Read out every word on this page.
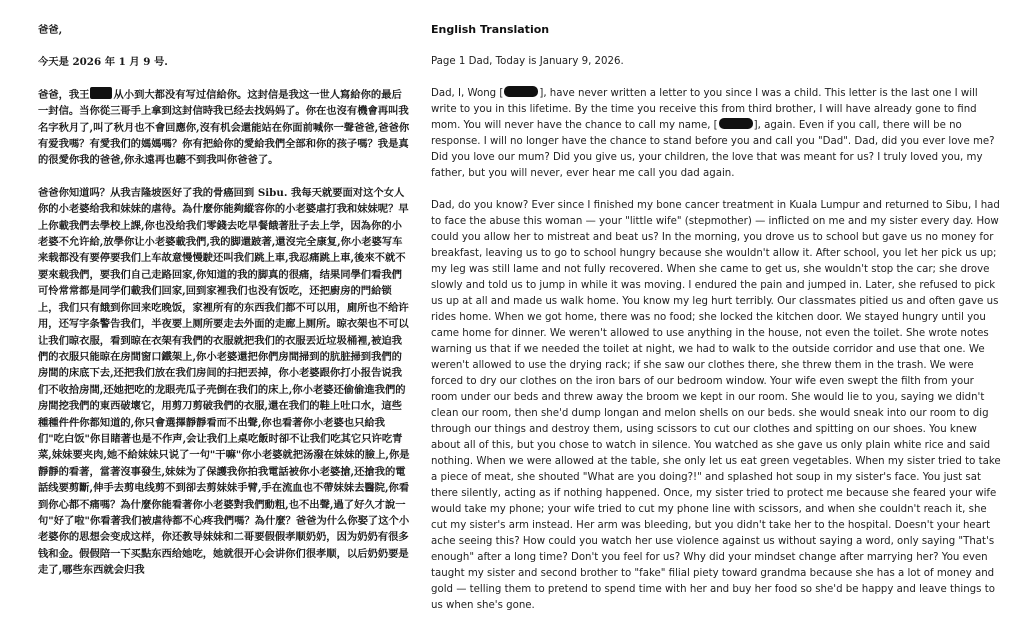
爸爸,

今天是 2026 年 1 月 9 号.

爸爸，我王 从小到大都没有写过信給你。这封信是我这一世人寫給你的最后一封信。当你從三哥手上拿到这封信時我已经去找妈妈了。你在也沒有機會再叫我名字秋月了,叫了秋月也不會回應你,沒有机会還能站在你面前喊你一聲爸爸,爸爸你有爱我嗎？有愛我们的媽媽嗎？你有把給你的愛給我們全部和你的孩子嗎？我是真的很愛你我的爸爸,你永遠再也聽不到我叫你爸爸了。

爸爸你知道吗？从我吉隆坡医好了我的骨癌回到 Sibu. 我每天就要面对这个女人你的小老婆给我和妹妹的虐待。為什麼你能夠縱容你的小老婆虐打我和妹妹呢？早上你載我們去學校上課,你也没给我们零錢去吃早餐餓著肚子去上学，因為你的小老婆不允许給,放學你让小老婆載我們,我的脚還跛著,還沒完全康复,你小老婆写车来载都没有要停要我们上车故意慢慢駛还叫我们跳上車,我忍痛跳上車,後來不就不要來载我們，要我们自己走路回家,你知道的我的脚真的很痛，结果同學们看我們可怜常常都是同学们載我们回家,回到家裡我们也没有饭吃，还把廚房的門給锁上，我们只有餓到你回来吃晚饭，家裡所有的东西我们都不可以用，廁所也不给许用，还写字条警告我们，半夜要上厕所要走去外面的走廊上厕所。晾衣架也不可以让我们晾衣服，看到晾在衣架有我們的衣服就把我们的衣服丟近垃圾桶裡,被迫我們的衣服只能晾在房間窗口鐵架上,你小老婆還把你們房間掃到的肮脏掃到我們的房間的床底下去,还把我们放在我们房间的扫把丟掉，你小老婆跟你打小报告说我们不收拾房間,还她把吃的龙眼壳瓜子壳倒在我们的床上,你小老婆还偷偷進我們的房間挖我們的東西破壞它，用剪刀剪破我們的衣服,還在我们的鞋上吐口水，這些種種件件你都知道的,你只會選擇靜靜看而不出聲,你也看著你小老婆也只給我们"吃白饭"你目睹著也是不作声,会让我们上桌吃飯时卻不让我们吃其它只许吃青菜,妹妹要夹肉,她不給妹妹只说了一句"干嘛"你小老婆就把汤潑在妹妹的臉上,你是靜靜的看著，當著沒事發生,妹妹为了保護我你拍我電話被你小老婆搶,还搶我的電話线要剪斷,伸手去剪电线剪不到卻去剪妹妹手臂,手在流血也不帶妹妹去醫院,你看到你心都不痛嗎？為什麼你能看著你小老婆對我們動粗,也不出聲,過了好久才說一句"好了啦"你看著我们被虐待都不心疼我們嗎？為什麼？爸爸为什么你娶了这个小老婆你的思想会变成这样，你还教导妹妹和二哥要假假孝顺奶奶，因为奶奶有很多钱和金。假假陪一下买點东西给她吃，她就很开心会讲你们很孝顺，以后奶奶要是走了,哪些东西就会归我

English Translation

Page 1 Dad, Today is January 9, 2026.

Dad, I, Wong [	], have never written a letter to you since I was a child. This letter is the last one I will write to you in this lifetime. By the time you receive this from third brother, I will have already gone to find mom. You will never have the chance to call my name, [	], again. Even if you call, there will be no response. I will no longer have the chance to stand before you and call you "Dad". Dad, did you ever love me? Did you love our mum? Did you give us, your children, the love that was meant for us? I truly loved you, my father, but you will never, ever hear me call you dad again.

Dad, do you know? Ever since I finished my bone cancer treatment in Kuala Lumpur and returned to Sibu, I had to face the abuse this woman — your "little wife" (stepmother) — inflicted on me and my sister every day. How could you allow her to mistreat and beat us? In the morning, you drove us to school but gave us no money for breakfast, leaving us to go to school hungry because she wouldn't allow it. After school, you let her pick us up; my leg was still lame and not fully recovered. When she came to get us, she wouldn't stop the car; she drove slowly and told us to jump in while it was moving. I endured the pain and jumped in. Later, she refused to pick us up at all and made us walk home. You know my leg hurt terribly. Our classmates pitied us and often gave us rides home. When we got home, there was no food; she locked the kitchen door. We stayed hungry until you came home for dinner. We weren't allowed to use anything in the house, not even the toilet. She wrote notes warning us that if we needed the toilet at night, we had to walk to the outside corridor and use that one. We weren't allowed to use the drying rack; if she saw our clothes there, she threw them in the trash. We were forced to dry our clothes on the iron bars of our bedroom window. Your wife even swept the filth from your room under our beds and threw away the broom we kept in our room. She would lie to you, saying we didn't clean our room, then she'd dump longan and melon shells on our beds. she would sneak into our room to dig through our things and destroy them, using scissors to cut our clothes and spitting on our shoes. You knew about all of this, but you chose to watch in silence. You watched as she gave us only plain white rice and said nothing. When we were allowed at the table, she only let us eat green vegetables. When my sister tried to take a piece of meat, she shouted "What are you doing?!" and splashed hot soup in my sister's face. You just sat there silently, acting as if nothing happened. Once, my sister tried to protect me because she feared your wife would take my phone; your wife tried to cut my phone line with scissors, and when she couldn't reach it, she cut my sister's arm instead. Her arm was bleeding, but you didn't take her to the hospital. Doesn't your heart ache seeing this? How could you watch her use violence against us without saying a word, only saying "That's enough" after a long time? Don't you feel for us? Why did your mindset change after marrying her? You even taught my sister and second brother to "fake" filial piety toward grandma because she has a lot of money and gold — telling them to pretend to spend time with her and buy her food so she'd be happy and leave things to us when she's gone.
